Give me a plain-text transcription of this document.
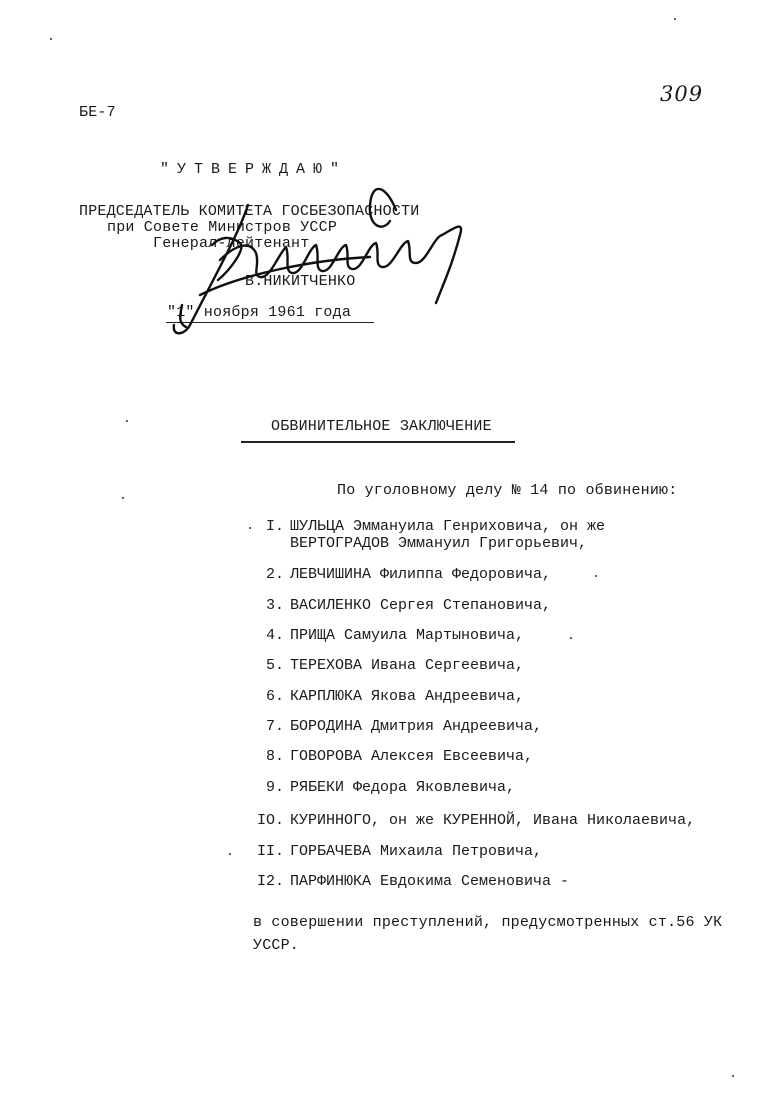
БЕ-7
309
"УТВЕРЖДАЮ"
ПРЕДСЕДАТЕЛЬ КОМИТЕТА ГОСБЕЗОПАСНОСТИ
при Совете Министров УССР
Генерал-лейтенант
В.НИКИТЧЕНКО
"1" ноября 1961 года
ОБВИНИТЕЛЬНОЕ ЗАКЛЮЧЕНИЕ
По уголовному делу № 14 по обвинению:
I. ШУЛЬЦА Эммануила Генриховича, он же
ВЕРТОГРАДОВ Эммануил Григорьевич,
2. ЛЕВЧИШИНА Филиппа Федоровича,
3. ВАСИЛЕНКО Сергея Степановича,
4. ПРИЩА Самуила Мартыновича,
5. ТЕРЕХОВА Ивана Сергеевича,
6. КАРПЛЮКА Якова Андреевича,
7. БОРОДИНА Дмитрия Андреевича,
8. ГОВОРОВА Алексея Евсеевича,
9. РЯБЕКИ Федора Яковлевича,
IO. КУРИННОГО, он же КУРЕННОЙ, Ивана Николаевича,
II. ГОРБАЧЕВА Михаила Петровича,
I2. ПАРФИНЮКА Евдокима Семеновича -
в совершении преступлений, предусмотренных ст.56 УК УССР.
